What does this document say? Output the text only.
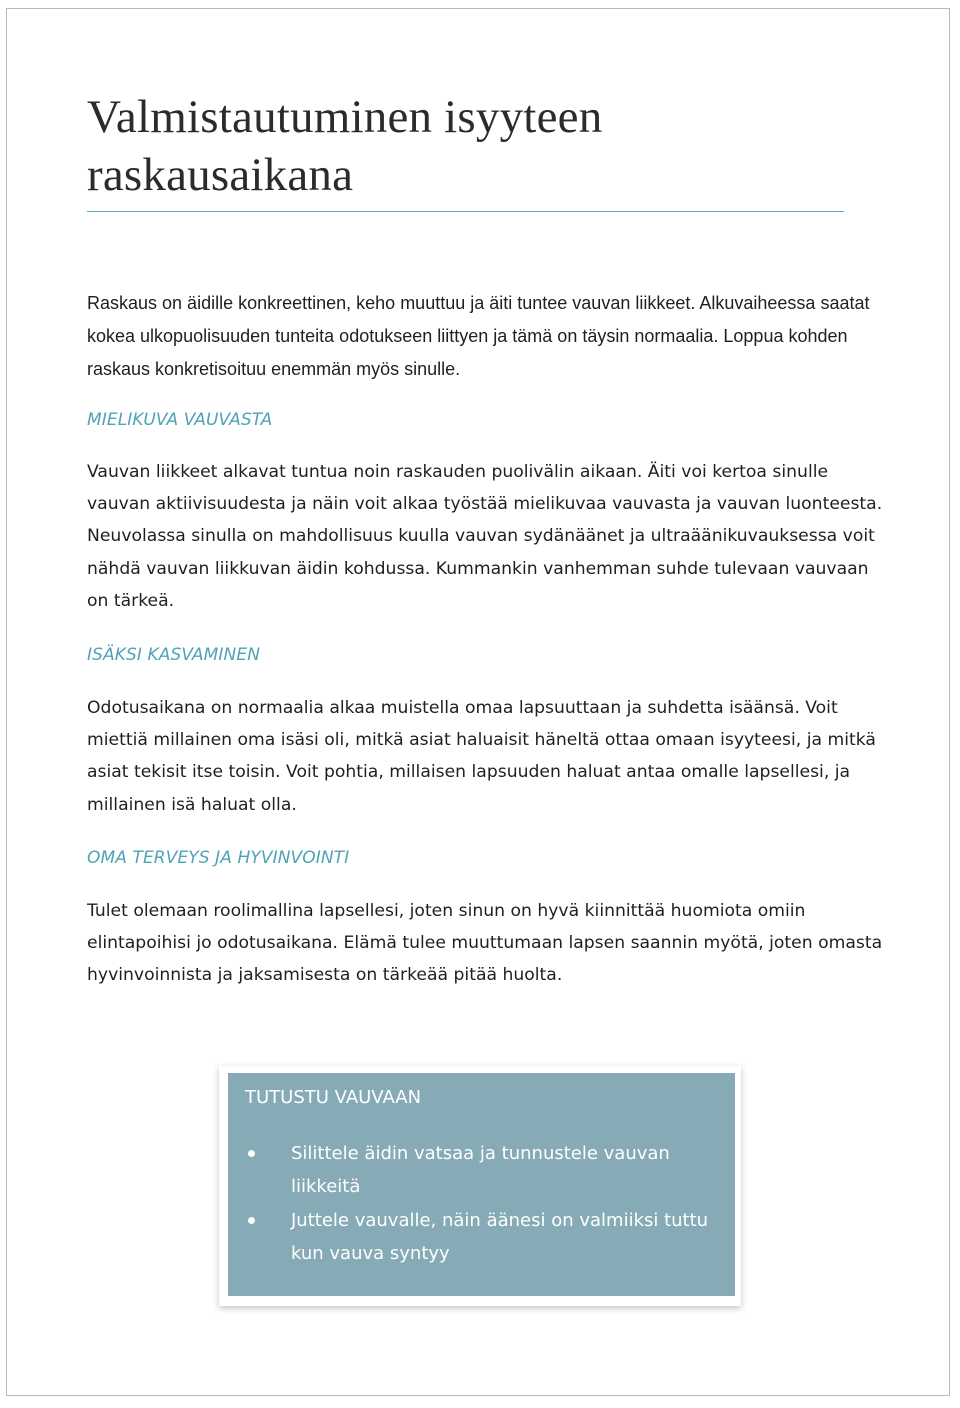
Valmistautuminen isyyteen raskausaikana

Raskaus on äidille konkreettinen, keho muuttuu ja äiti tuntee vauvan liikkeet. Alkuvaiheessa saatat kokea ulkopuolisuuden tunteita odotukseen liittyen ja tämä on täysin normaalia. Loppua kohden raskaus konkretisoituu enemmän myös sinulle.

MIELIKUVA VAUVASTA

Vauvan liikkeet alkavat tuntua noin raskauden puolivälin aikaan. Äiti voi kertoa sinulle vauvan aktiivisuudesta ja näin voit alkaa työstää mielikuvaa vauvasta ja vauvan luonteesta. Neuvolassa sinulla on mahdollisuus kuulla vauvan sydänäänet ja ultraäänikuvauksessa voit nähdä vauvan liikkuvan äidin kohdussa. Kummankin vanhemman suhde tulevaan vauvaan on tärkeä.

ISÄKSI KASVAMINEN

Odotusaikana on normaalia alkaa muistella omaa lapsuuttaan ja suhdetta isäänsä. Voit miettiä millainen oma isäsi oli, mitkä asiat haluaisit häneltä ottaa omaan isyyteesi, ja mitkä asiat tekisit itse toisin. Voit pohtia, millaisen lapsuuden haluat antaa omalle lapsellesi, ja millainen isä haluat olla.

OMA TERVEYS JA HYVINVOINTI

Tulet olemaan roolimallina lapsellesi, joten sinun on hyvä kiinnittää huomiota omiin elintapoihisi jo odotusaikana. Elämä tulee muuttumaan lapsen saannin myötä, joten omasta hyvinvoinnista ja jaksamisesta on tärkeää pitää huolta.

TUTUSTU VAUVAAN
Silittele äidin vatsaa ja tunnustele vauvan liikkeitä
Juttele vauvalle, näin äänesi on valmiiksi tuttu kun vauva syntyy
